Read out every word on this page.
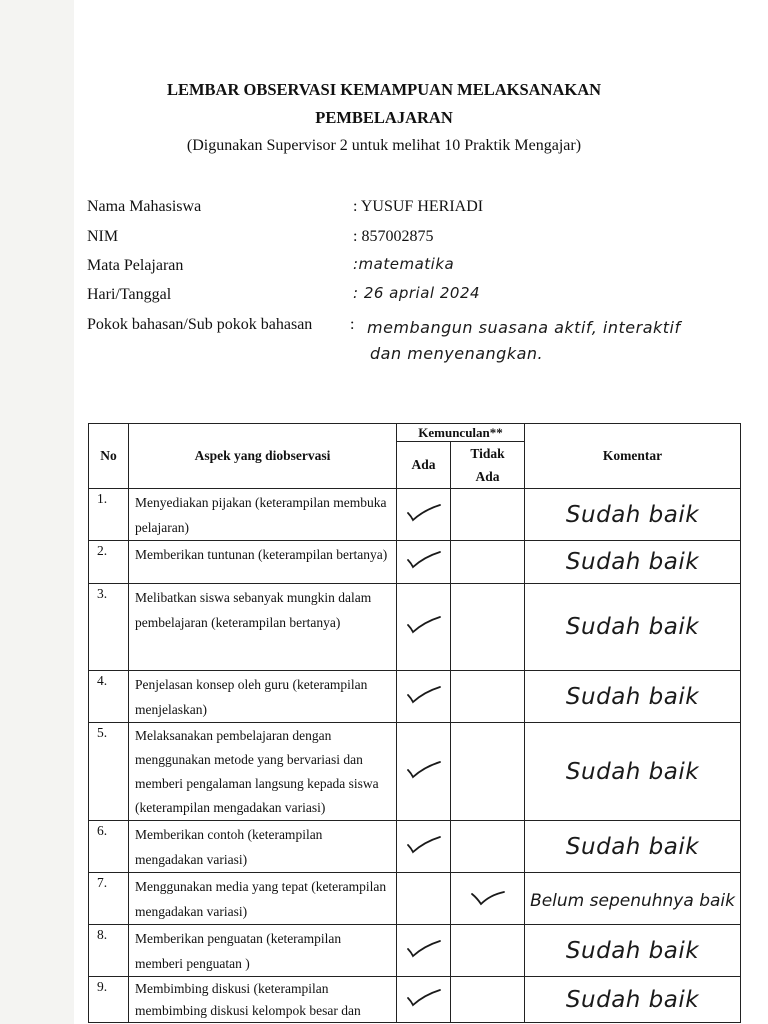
LEMBAR OBSERVASI KEMAMPUAN MELAKSANAKAN
PEMBELAJARAN
(Digunakan Supervisor 2 untuk melihat 10 Praktik Mengajar)
Nama Mahasiswa	: YUSUF HERIADI
NIM	: 857002875
Mata Pelajaran	:matematika
Hari/Tanggal	: 26 aprial 2024
Pokok bahasan/Sub pokok bahasan : membangun suasana aktif, interaktif
dan menyenangkan.
No	Aspek yang diobservasi	Kemunculan**		Komentar
		Ada	Tidak
Ada	
1.	Menyediakan pijakan (keterampilan membuka pelajaran)			Sudah baik
2.	Memberikan tuntunan (keterampilan bertanya)			Sudah baik
3.	Melibatkan siswa sebanyak mungkin dalam pembelajaran (keterampilan bertanya)			Sudah baik
4.	Penjelasan konsep oleh guru (keterampilan menjelaskan)			Sudah baik
5.	Melaksanakan pembelajaran dengan menggunakan metode yang bervariasi dan memberi pengalaman langsung kepada siswa (keterampilan mengadakan variasi)			Sudah baik
6.	Memberikan contoh (keterampilan mengadakan variasi)			Sudah baik
7.	Menggunakan media yang tepat (keterampilan mengadakan variasi)			Belum sepenuhnya baik
8.	Memberikan penguatan (keterampilan memberi penguatan )			Sudah baik
9.	Membimbing diskusi (keterampilan membimbing diskusi kelompok besar dan			Sudah baik
